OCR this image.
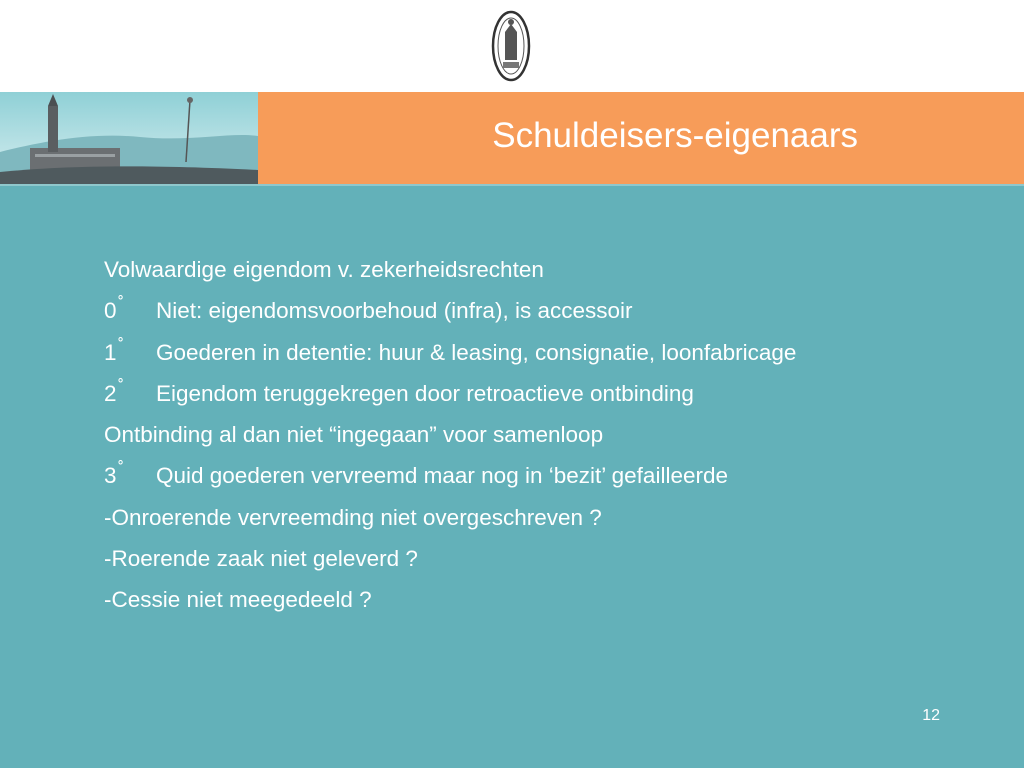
Schuldeisers-eigenaars
Volwaardige eigendom v. zekerheidsrechten
0 ˚ Niet: eigendomsvoorbehoud (infra), is accessoir
1 ˚ Goederen in detentie: huur & leasing, consignatie, loonfabricage
2 ˚ Eigendom teruggekregen door retroactieve ontbinding
Ontbinding al dan niet “ingegaan” voor samenloop
3 ˚ Quid goederen vervreemd maar nog in ‘bezit’ gefailleerde
-Onroerende vervreemding niet overgeschreven ?
-Roerende zaak niet geleverd ?
-Cessie niet meegedeeld ?
12
